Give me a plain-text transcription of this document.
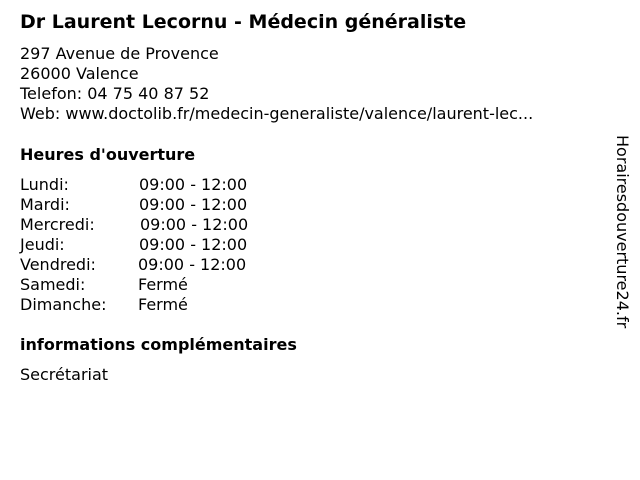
Dr Laurent Lecornu - Médecin généraliste
297 Avenue de Provence
26000 Valence
Telefon: 04 75 40 87 52
Web: www.doctolib.fr/medecin-generaliste/valence/laurent-lec...
Heures d'ouverture
Lundi:	09:00 - 12:00
Mardi:	09:00 - 12:00
Mercredi:	09:00 - 12:00
Jeudi:	09:00 - 12:00
Vendredi:	09:00 - 12:00
Samedi:	Fermé
Dimanche: Fermé
informations complémentaires
Secrétariat
Horairesdouverture24.fr
